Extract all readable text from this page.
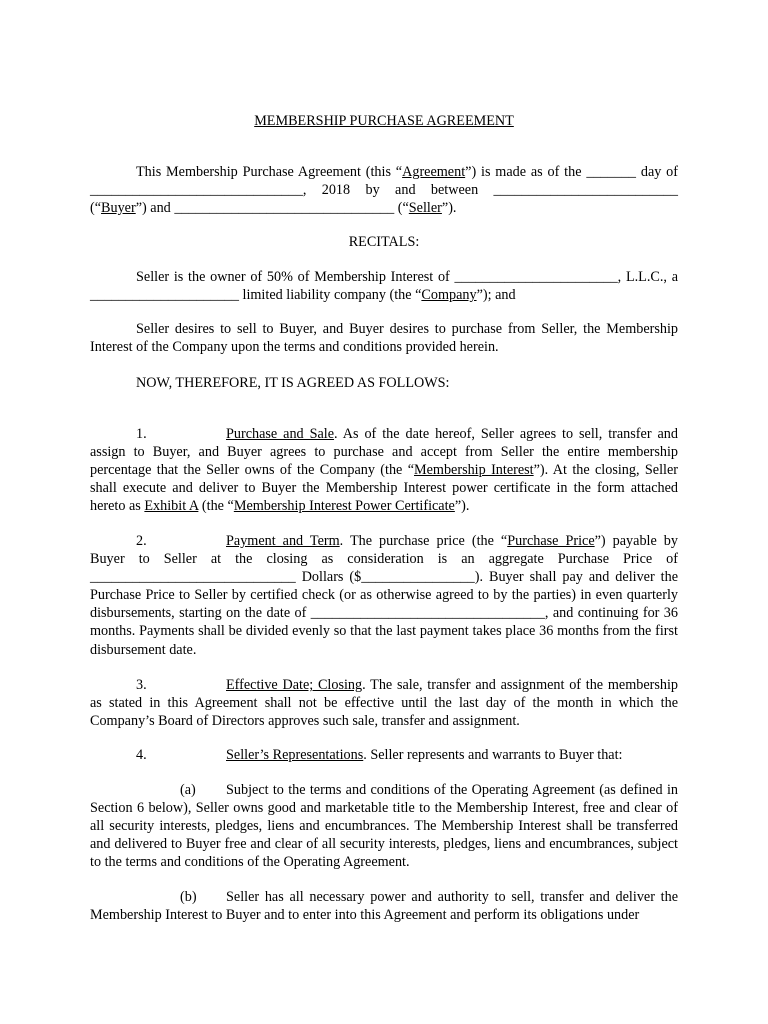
MEMBERSHIP PURCHASE AGREEMENT

This Membership Purchase Agreement (this “Agreement”) is made as of the _______ day of ______________________________, 2018 by and between __________________________ (“Buyer”) and _______________________________ (“Seller”).

RECITALS:

Seller is the owner of 50% of Membership Interest of _______________________, L.L.C., a _____________________ limited liability company (the “Company”); and

Seller desires to sell to Buyer, and Buyer desires to purchase from Seller, the Membership Interest of the Company upon the terms and conditions provided herein.

NOW, THEREFORE, IT IS AGREED AS FOLLOWS:

1.	Purchase and Sale. As of the date hereof, Seller agrees to sell, transfer and assign to Buyer, and Buyer agrees to purchase and accept from Seller the entire membership percentage that the Seller owns of the Company (the “Membership Interest”). At the closing, Seller shall execute and deliver to Buyer the Membership Interest power certificate in the form attached hereto as Exhibit A (the “Membership Interest Power Certificate”).

2.	Payment and Term. The purchase price (the “Purchase Price”) payable by Buyer to Seller at the closing as consideration is an aggregate Purchase Price of _____________________________ Dollars ($________________). Buyer shall pay and deliver the Purchase Price to Seller by certified check (or as otherwise agreed to by the parties) in even quarterly disbursements, starting on the date of _________________________________, and continuing for 36 months. Payments shall be divided evenly so that the last payment takes place 36 months from the first disbursement date.

3.	Effective Date; Closing. The sale, transfer and assignment of the membership as stated in this Agreement shall not be effective until the last day of the month in which the Company’s Board of Directors approves such sale, transfer and assignment.

4.	Seller’s Representations. Seller represents and warrants to Buyer that:

(a) Subject to the terms and conditions of the Operating Agreement (as defined in Section 6 below), Seller owns good and marketable title to the Membership Interest, free and clear of all security interests, pledges, liens and encumbrances. The Membership Interest shall be transferred and delivered to Buyer free and clear of all security interests, pledges, liens and encumbrances, subject to the terms and conditions of the Operating Agreement.

(b) Seller has all necessary power and authority to sell, transfer and deliver the Membership Interest to Buyer and to enter into this Agreement and perform its obligations under
